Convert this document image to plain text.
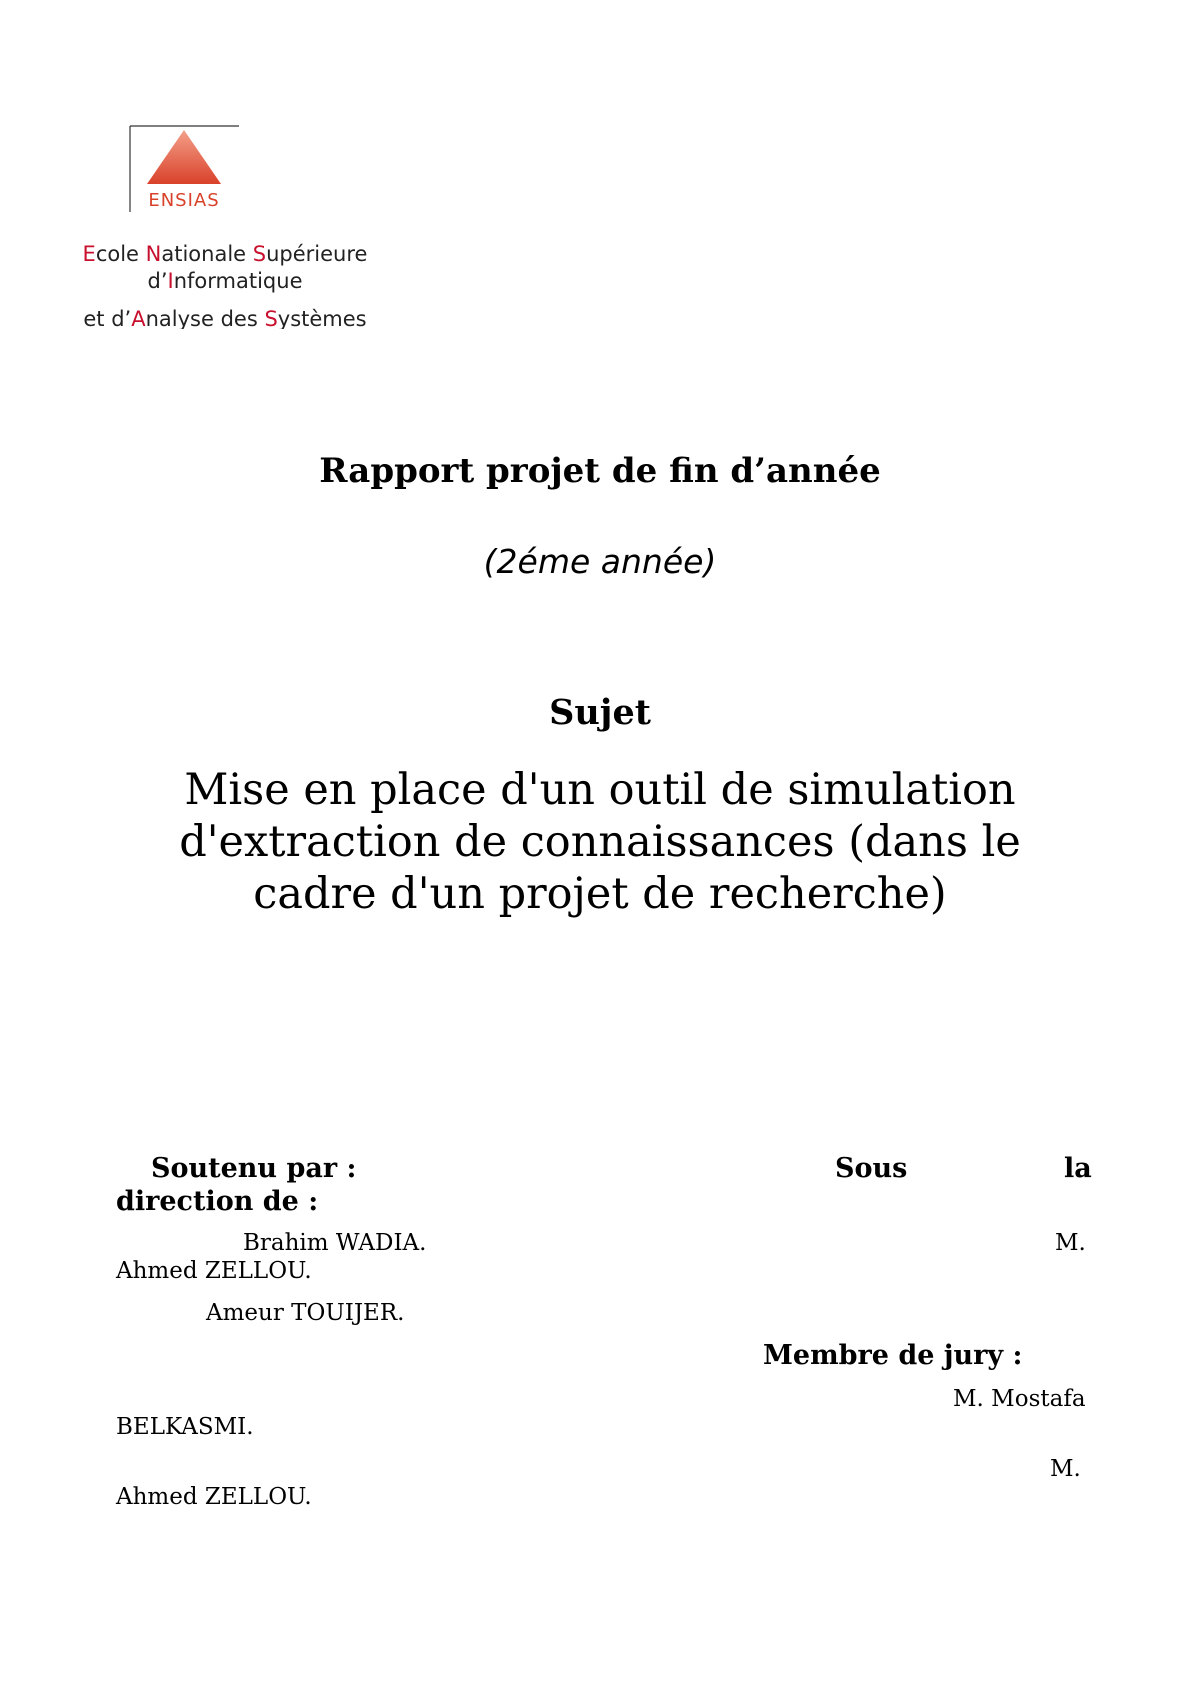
ENSIAS
Ecole Nationale Supérieure
d’Informatique
et d’Analyse des Systèmes
Rapport projet de fin d’année
(2éme année)
Sujet
Mise en place d'un outil de simulation
d'extraction de connaissances (dans le
cadre d'un projet de recherche)
Soutenu par :	Sous	la
direction de :
Brahim WADIA.	M.
Ahmed ZELLOU.
Ameur TOUIJER.
Membre de jury :
M. Mostafa
BELKASMI.
M.
Ahmed ZELLOU.
